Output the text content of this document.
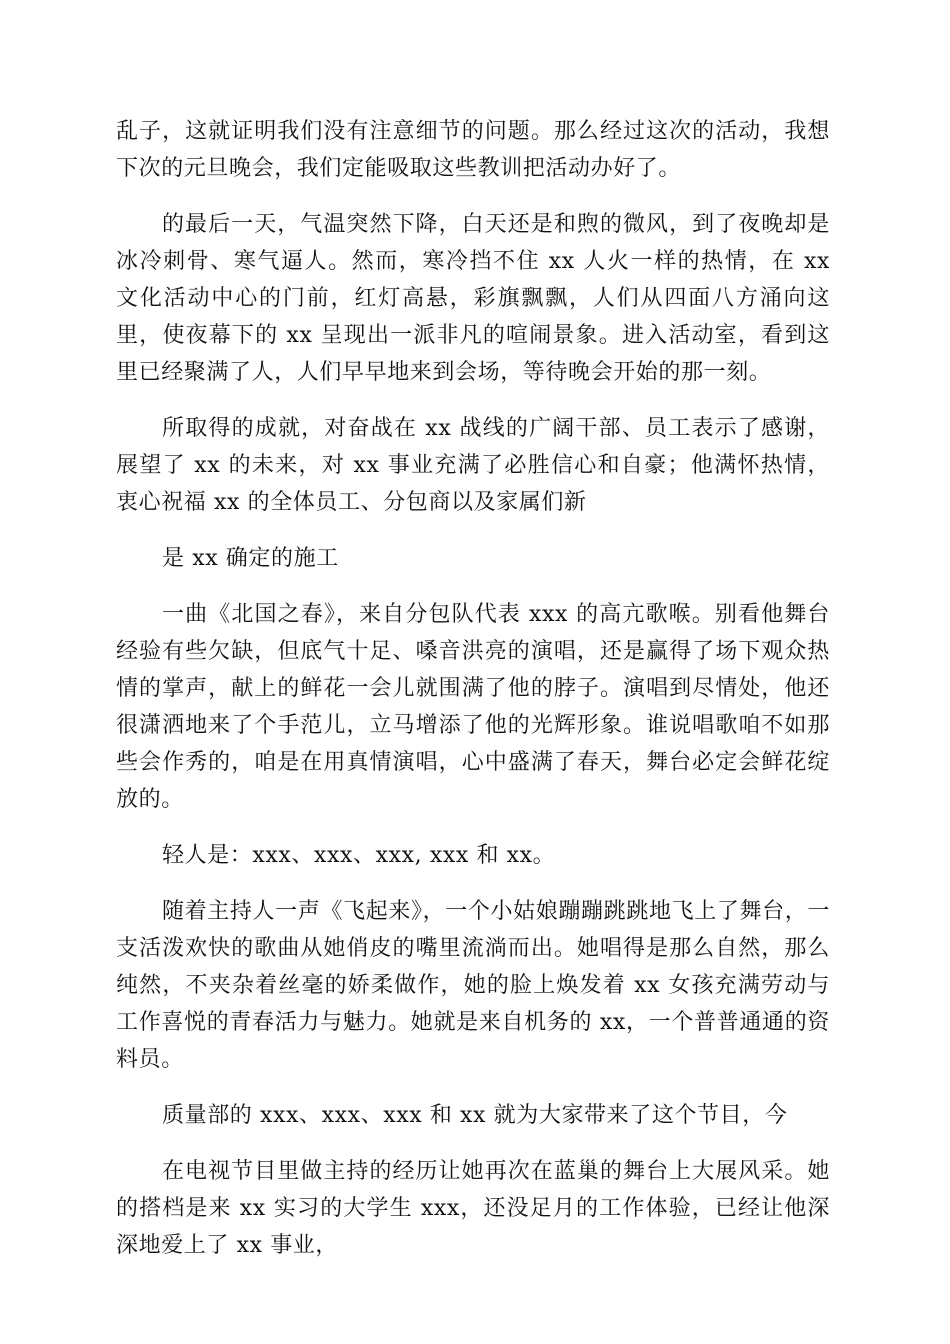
乱子，这就证明我们没有注意细节的问题。那么经过这次的活动，我想下次的元旦晚会，我们定能吸取这些教训把活动办好了。

的最后一天，气温突然下降，白天还是和煦的微风，到了夜晚却是冰冷刺骨、寒气逼人。然而，寒冷挡不住 xx 人火一样的热情，在 xx 文化活动中心的门前，红灯高悬，彩旗飘飘，人们从四面八方涌向这里，使夜幕下的 xx 呈现出一派非凡的喧闹景象。进入活动室，看到这里已经聚满了人，人们早早地来到会场，等待晚会开始的那一刻。

所取得的成就，对奋战在 xx 战线的广阔干部、员工表示了感谢，展望了 xx 的未来，对 xx 事业充满了必胜信心和自豪；他满怀热情，衷心祝福 xx 的全体员工、分包商以及家属们新

是 xx 确定的施工

一曲《北国之春》，来自分包队代表 xxx 的高亢歌喉。别看他舞台经验有些欠缺，但底气十足、嗓音洪亮的演唱，还是赢得了场下观众热情的掌声，献上的鲜花一会儿就围满了他的脖子。演唱到尽情处，他还很潇洒地来了个手范儿，立马增添了他的光辉形象。谁说唱歌咱不如那些会作秀的，咱是在用真情演唱，心中盛满了春天，舞台必定会鲜花绽放的。

轻人是：xxx、xxx、xxx, xxx 和 xx。

随着主持人一声《飞起来》，一个小姑娘蹦蹦跳跳地飞上了舞台，一支活泼欢快的歌曲从她俏皮的嘴里流淌而出。她唱得是那么自然，那么纯然，不夹杂着丝毫的娇柔做作，她的脸上焕发着 xx 女孩充满劳动与工作喜悦的青春活力与魅力。她就是来自机务的 xx，一个普普通通的资料员。

质量部的 xxx、xxx、xxx 和 xx 就为大家带来了这个节目，今

在电视节目里做主持的经历让她再次在蓝巢的舞台上大展风采。她的搭档是来 xx 实习的大学生 xxx，还没足月的工作体验，已经让他深深地爱上了 xx 事业，
